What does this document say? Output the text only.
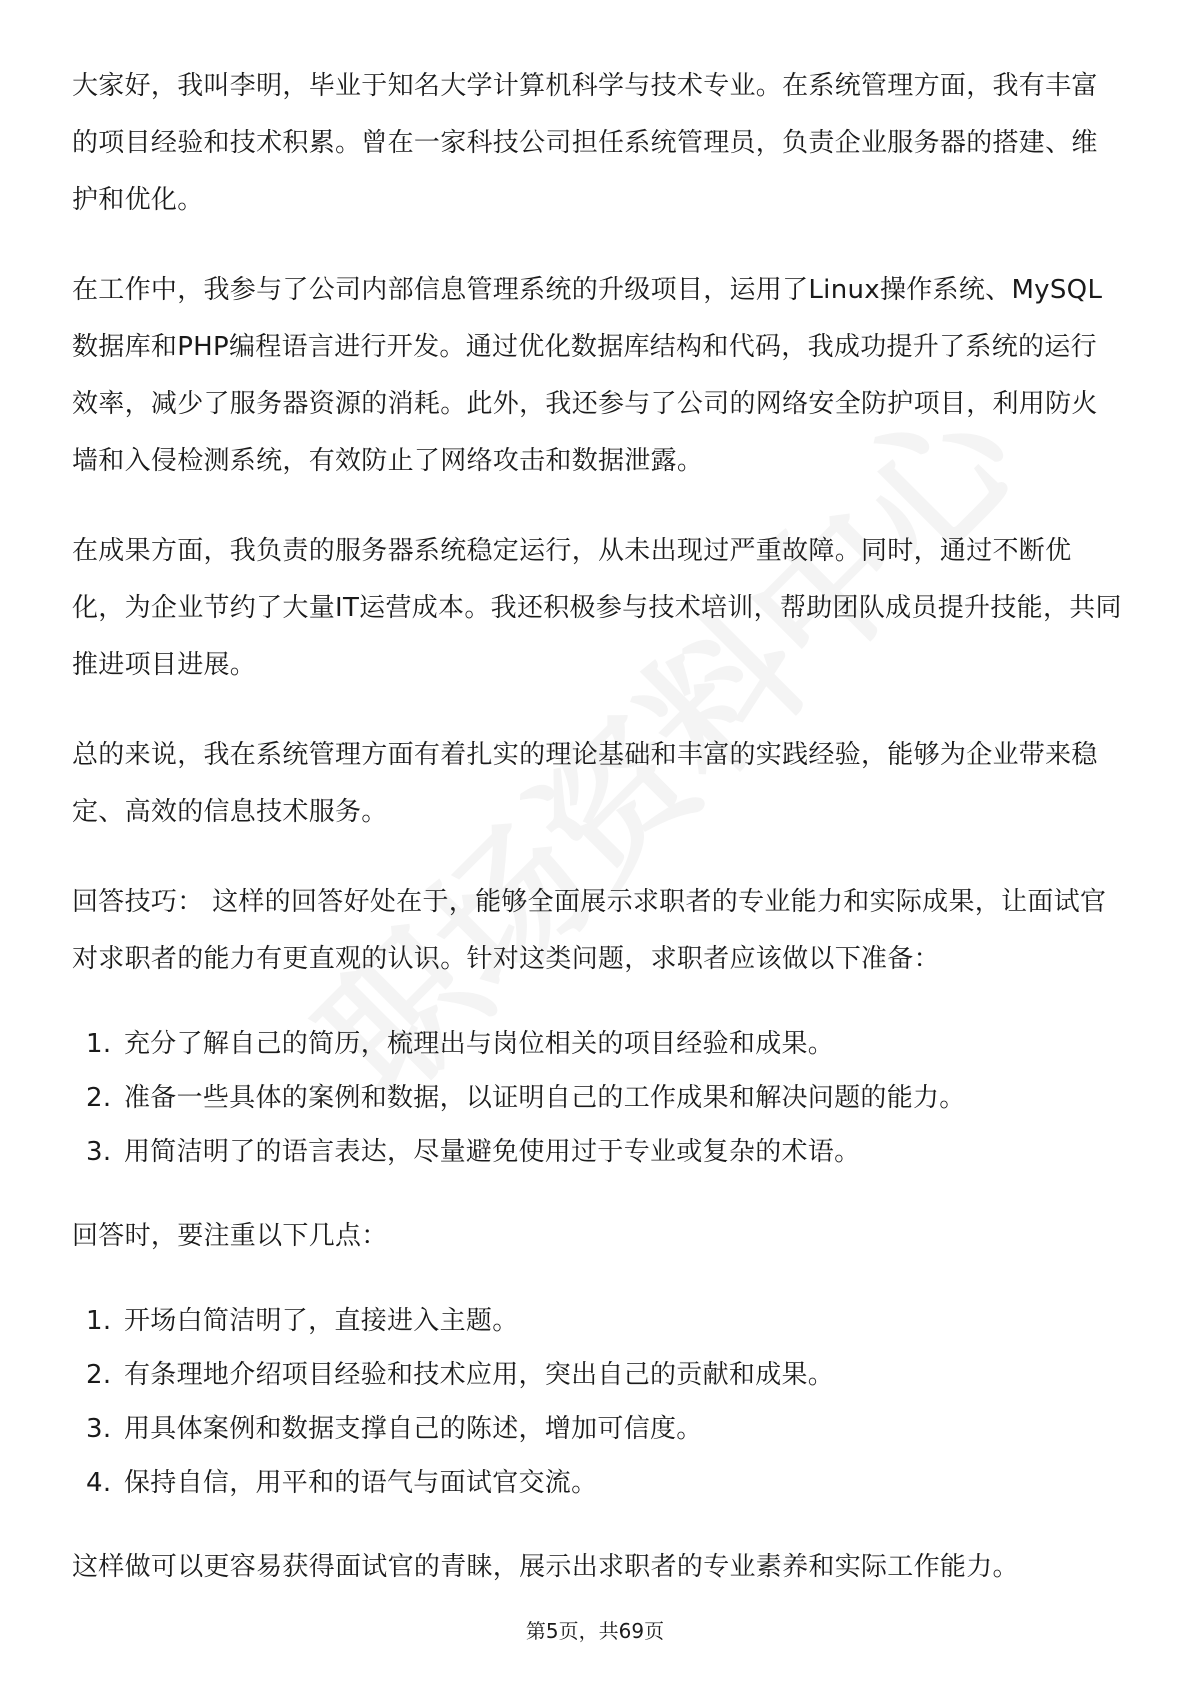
大家好，我叫李明，毕业于知名大学计算机科学与技术专业。在系统管理方面，我有丰富的项目经验和技术积累。曾在一家科技公司担任系统管理员，负责企业服务器的搭建、维护和优化。

在工作中，我参与了公司内部信息管理系统的升级项目，运用了Linux操作系统、MySQL数据库和PHP编程语言进行开发。通过优化数据库结构和代码，我成功提升了系统的运行效率，减少了服务器资源的消耗。此外，我还参与了公司的网络安全防护项目，利用防火墙和入侵检测系统，有效防止了网络攻击和数据泄露。

在成果方面，我负责的服务器系统稳定运行，从未出现过严重故障。同时，通过不断优化，为企业节约了大量IT运营成本。我还积极参与技术培训，帮助团队成员提升技能，共同推进项目进展。

总的来说，我在系统管理方面有着扎实的理论基础和丰富的实践经验，能够为企业带来稳定、高效的信息技术服务。

回答技巧： 这样的回答好处在于，能够全面展示求职者的专业能力和实际成果，让面试官对求职者的能力有更直观的认识。针对这类问题，求职者应该做以下准备：

1. 充分了解自己的简历，梳理出与岗位相关的项目经验和成果。
2. 准备一些具体的案例和数据，以证明自己的工作成果和解决问题的能力。
3. 用简洁明了的语言表达，尽量避免使用过于专业或复杂的术语。

回答时，要注重以下几点：

1. 开场白简洁明了，直接进入主题。
2. 有条理地介绍项目经验和技术应用，突出自己的贡献和成果。
3. 用具体案例和数据支撑自己的陈述，增加可信度。
4. 保持自信，用平和的语气与面试官交流。

这样做可以更容易获得面试官的青睐，展示出求职者的专业素养和实际工作能力。

第5页，共69页
